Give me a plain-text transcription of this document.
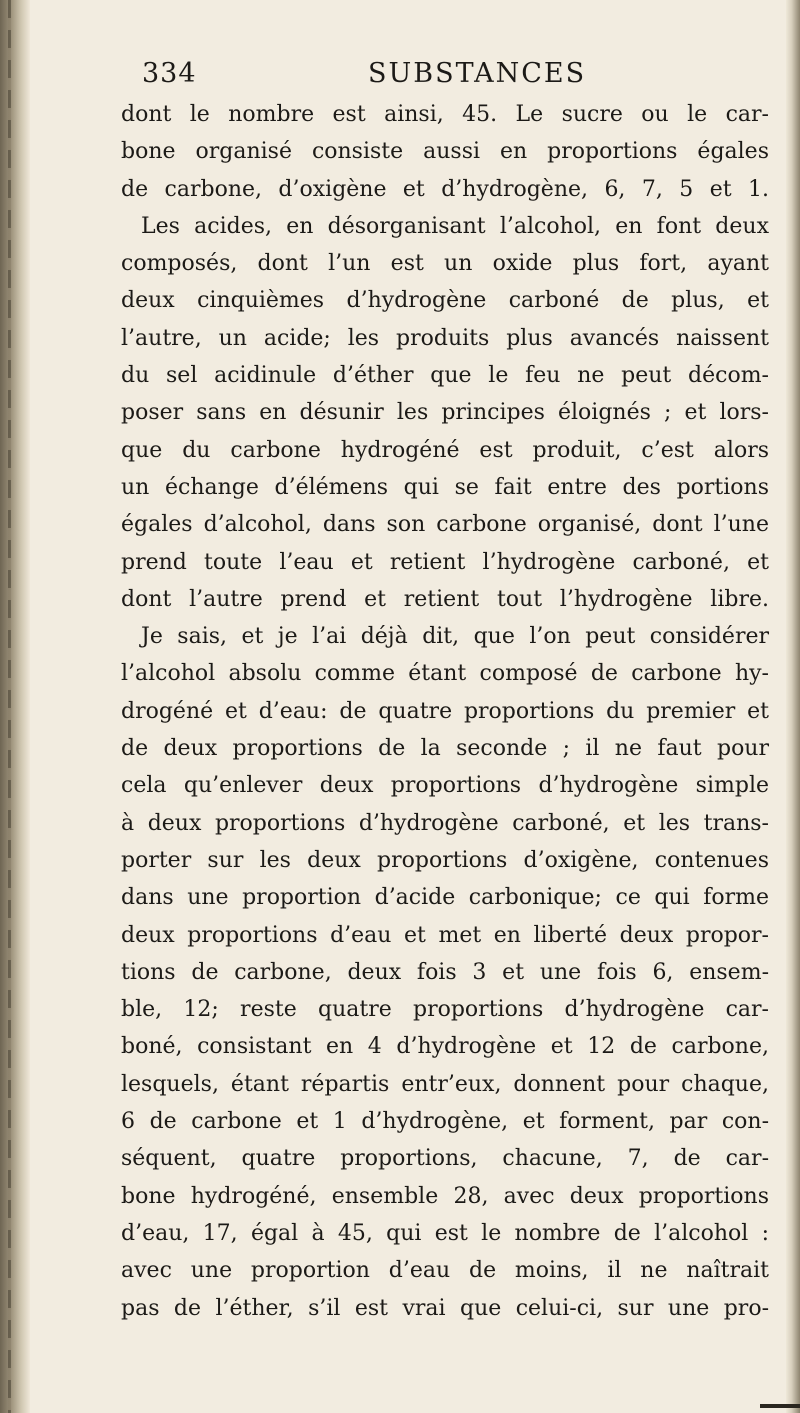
334	SUBSTANCES
dont le nombre est ainsi, 45. Le sucre ou le car-
bone organisé consiste aussi en proportions égales
de carbone, d’oxigène et d’hydrogène, 6, 7, 5 et 1.
Les acides, en désorganisant l’alcohol, en font deux
composés, dont l’un est un oxide plus fort, ayant
deux cinquièmes d’hydrogène carboné de plus, et
l’autre, un acide; les produits plus avancés naissent
du sel acidinule d’éther que le feu ne peut décom-
poser sans en désunir les principes éloignés ; et lors-
que du carbone hydrogéné est produit, c’est alors
un échange d’élémens qui se fait entre des portions
égales d’alcohol, dans son carbone organisé, dont l’une
prend toute l’eau et retient l’hydrogène carboné, et
dont l’autre prend et retient tout l’hydrogène libre.
Je sais, et je l’ai déjà dit, que l’on peut considérer
l’alcohol absolu comme étant composé de carbone hy-
drogéné et d’eau: de quatre proportions du premier et
de deux proportions de la seconde ; il ne faut pour
cela qu’enlever deux proportions d’hydrogène simple
à deux proportions d’hydrogène carboné, et les trans-
porter sur les deux proportions d’oxigène, contenues
dans une proportion d’acide carbonique; ce qui forme
deux proportions d’eau et met en liberté deux propor-
tions de carbone, deux fois 3 et une fois 6, ensem-
ble, 12; reste quatre proportions d’hydrogène car-
boné, consistant en 4 d’hydrogène et 12 de carbone,
lesquels, étant répartis entr’eux, donnent pour chaque,
6 de carbone et 1 d’hydrogène, et forment, par con-
séquent, quatre proportions, chacune, 7, de car-
bone hydrogéné, ensemble 28, avec deux proportions
d’eau, 17, égal à 45, qui est le nombre de l’alcohol :
avec une proportion d’eau de moins, il ne naîtrait
pas de l’éther, s’il est vrai que celui-ci, sur une pro-
